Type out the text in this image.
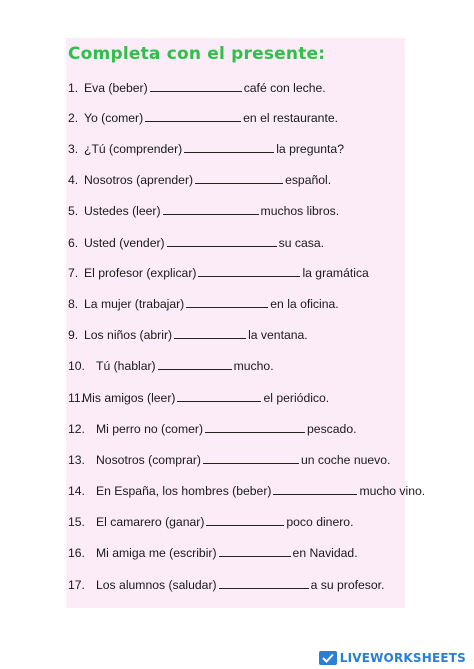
Completa con el presente:
1. Eva (beber)	café con leche.
2. Yo (comer)	en el restaurante.
3. ¿Tú (comprender)	la pregunta?
4. Nosotros (aprender)	español.
5. Ustedes (leer)	muchos libros.
6. Usted (vender)	su casa.
7. El profesor (explicar)	la gramática
8. La mujer (trabajar)	en la oficina.
9. Los niños (abrir)	la ventana.
10. Tú (hablar)	mucho.
11.Mis amigos (leer)	el periódico.
12. Mi perro no (comer)	pescado.
13. Nosotros (comprar)	un coche nuevo.
14. En España, los hombres (beber)	mucho vino.
15. El camarero (ganar)	poco dinero.
16. Mi amiga me (escribir)	en Navidad.
17. Los alumnos (saludar)	a su profesor.
LIVEWORKSHEETS
